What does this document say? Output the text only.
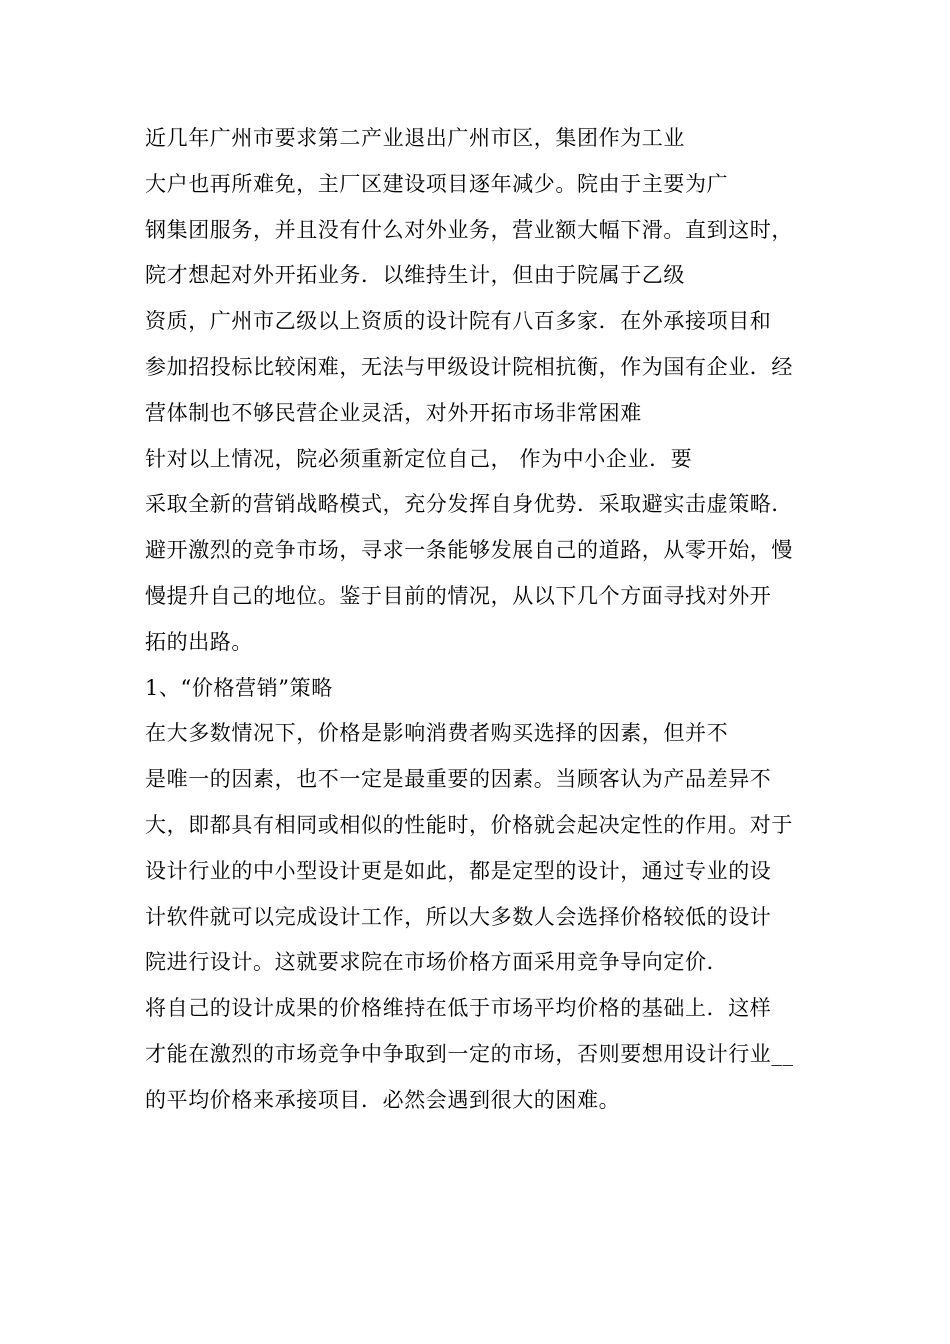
近几年广州市要求第二产业退出广州市区，集团作为工业
大户也再所难免，主厂区建设项目逐年减少。院由于主要为广
钢集团服务，并且没有什么对外业务，营业额大幅下滑。直到这时，
院才想起对外开拓业务．以维持生计，但由于院属于乙级
资质，广州市乙级以上资质的设计院有八百多家．在外承接项目和
参加招投标比较闲难，无法与甲级设计院相抗衡，作为国有企业．经
营体制也不够民营企业灵活，对外开拓市场非常困难
针对以上情况，院必须重新定位自己， 作为中小企业．要
采取全新的营销战略模式，充分发挥自身优势．采取避实击虚策略．
避开激烈的竞争市场，寻求一条能够发展自己的道路，从零开始，慢
慢提升自己的地位。鉴于目前的情况，从以下几个方面寻找对外开
拓的出路。
1、“价格营销”策略
在大多数情况下，价格是影响消费者购买选择的因素，但并不
是唯一的因素，也不一定是最重要的因素。当顾客认为产品差异不
大，即都具有相同或相似的性能时，价格就会起决定性的作用。对于
设计行业的中小型设计更是如此，都是定型的设计，通过专业的设
计软件就可以完成设计工作，所以大多数人会选择价格较低的设计
院进行设计。这就要求院在市场价格方面采用竞争导向定价．
将自己的设计成果的价格维持在低于市场平均价格的基础上．这样
才能在激烈的市场竞争中争取到一定的市场，否则要想用设计行业__
的平均价格来承接项目．必然会遇到很大的困难。
